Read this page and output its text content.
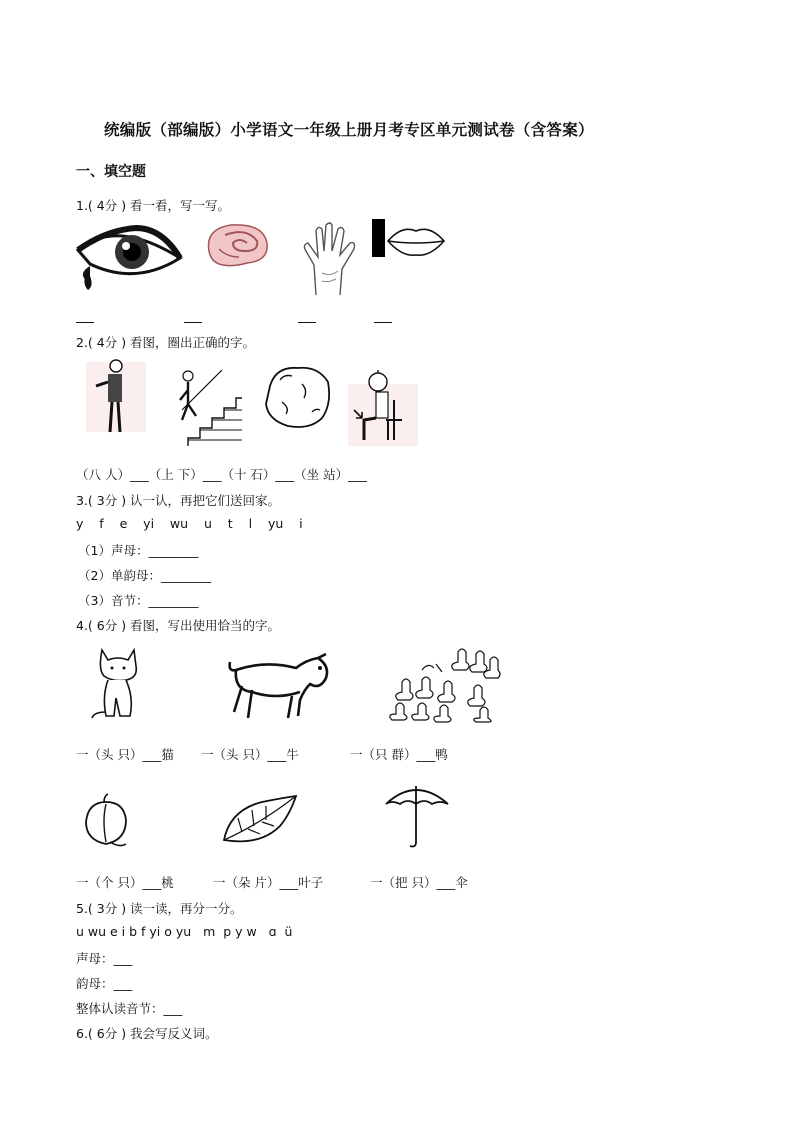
统编版（部编版）小学语文一年级上册月考专区单元测试卷（含答案）
一、填空题
1.( 4分 ) 看一看，写一写。
2.( 4分 ) 看图，圈出正确的字。
（八 人）___（上 下）___（十 石）___（坐 站）___
3.( 3分 ) 认一认，再把它们送回家。
y    f    e    yi    wu    u    t    l    yu    i
（1）声母：________
（2）单韵母：________
（3）音节：________
4.( 6分 ) 看图，写出使用恰当的字。
一（头 只）___猫 一（头 只）___牛	一（只 群）___鸭
一（个 只）___桃	一（朵 片）___叶子	一（把 只）___伞
5.( 3分 ) 读一读，再分一分。
u wu e i b f yi o yu   m  p y w   ɑ  ü
声母：___
韵母：___
整体认读音节：___
6.( 6分 ) 我会写反义词。
